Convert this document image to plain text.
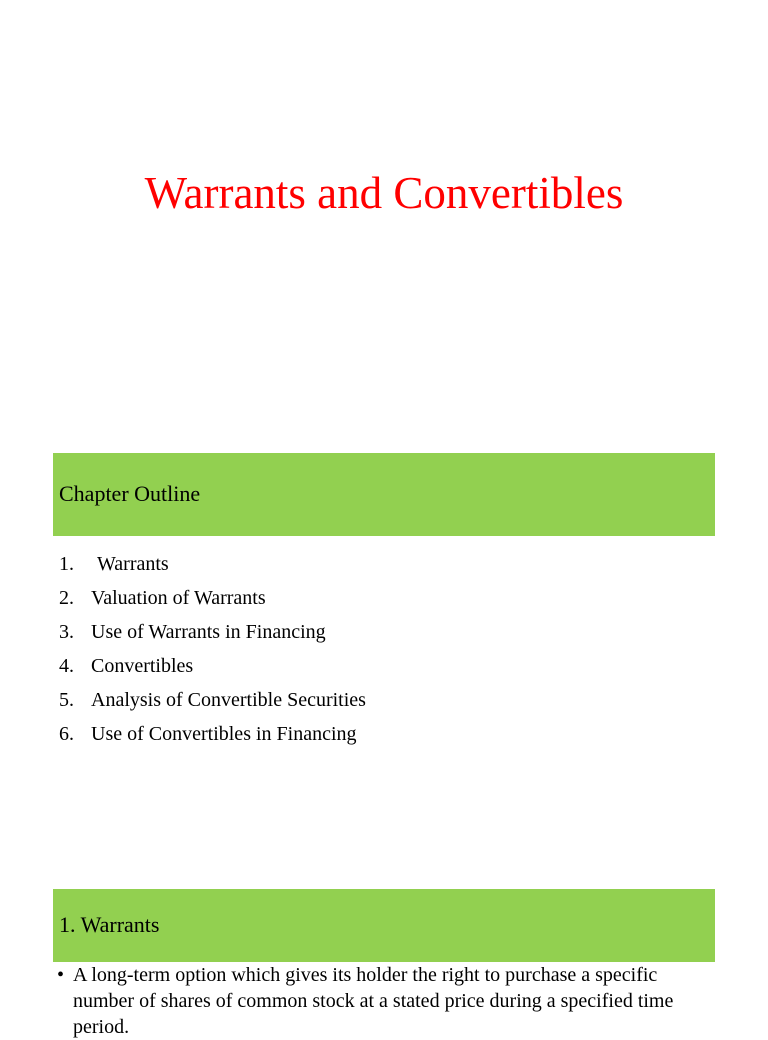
Warrants and Convertibles
Chapter Outline
1. Warrants
2. Valuation of Warrants
3. Use of Warrants in Financing
4. Convertibles
5. Analysis of Convertible Securities
6. Use of Convertibles in Financing
1. Warrants
• A long-term option which gives its holder the right to purchase a specific number of shares of common stock at a stated price during a specified time period.
